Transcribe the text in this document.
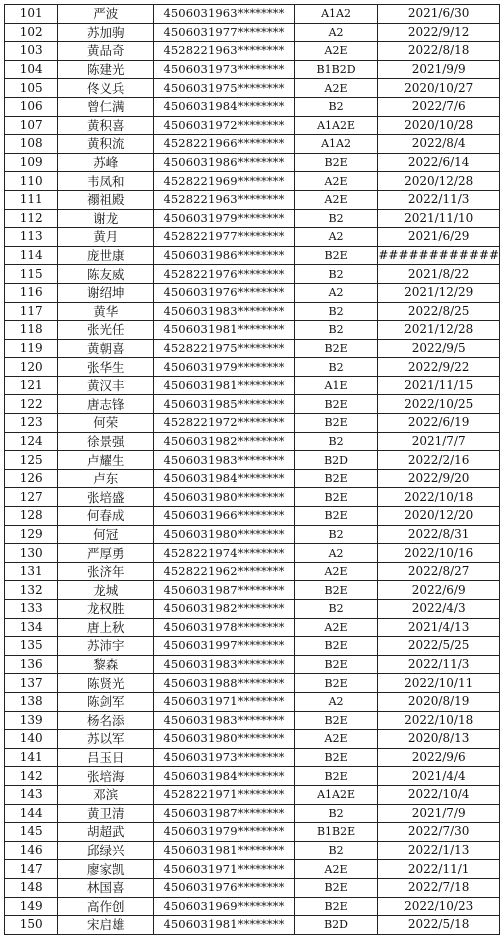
101	严波	4506031963********	A1A2	2021/6/30
102	苏加驹	4506031977********	A2	2022/9/12
103	黄品奇	4528221963********	A2E	2022/8/18
104	陈建光	4506031973********	B1B2D	2021/9/9
105	佟义兵	4506031975********	A2E	2020/10/27
106	曾仁满	4506031984********	B2	2022/7/6
107	黄积喜	4506031972********	A1A2E	2020/10/28
108	黄积流	4528221966********	A1A2	2022/8/4
109	苏峰	4506031986********	B2E	2022/6/14
110	韦凤和	4528221969********	A2E	2020/12/28
111	禤祖殿	4528221963********	A2E	2022/11/3
112	谢龙	4506031979********	B2	2021/11/10
113	黄月	4528221977********	A2	2021/6/29
114	庞世康	4506031986********	B2E	############
115	陈友威	4528221976********	B2	2021/8/22
116	谢绍坤	4506031976********	A2	2021/12/29
117	黄华	4506031983********	B2	2022/8/25
118	张光任	4506031981********	B2	2021/12/28
119	黄朝喜	4528221975********	B2E	2022/9/5
120	张华生	4506031979********	B2	2022/9/22
121	黄汉丰	4506031981********	A1E	2021/11/15
122	唐志锋	4506031985********	B2E	2022/10/25
123	何荣	4528221972********	B2E	2022/6/19
124	徐景强	4506031982********	B2	2021/7/7
125	卢耀生	4506031983********	B2D	2022/2/16
126	卢东	4506031984********	B2E	2022/9/20
127	张培盛	4506031980********	B2E	2022/10/18
128	何春成	4506031966********	B2E	2020/12/20
129	何冠	4506031980********	B2	2022/8/31
130	严厚勇	4528221974********	A2	2022/10/16
131	张济年	4528221962********	A2E	2022/8/27
132	龙城	4506031987********	B2E	2022/6/9
133	龙权胜	4506031982********	B2	2022/4/3
134	唐上秋	4506031978********	A2E	2021/4/13
135	苏沛宇	4506031997********	B2E	2022/5/25
136	黎森	4506031983********	B2E	2022/11/3
137	陈贤光	4506031988********	B2E	2022/10/11
138	陈剑军	4506031971********	A2	2020/8/19
139	杨名添	4506031983********	B2E	2022/10/18
140	苏以军	4506031980********	A2E	2020/8/13
141	吕玉日	4506031973********	B2E	2022/9/6
142	张培海	4506031984********	B2E	2021/4/4
143	邓滨	4528221971********	A1A2E	2022/10/4
144	黄卫清	4506031987********	B2	2021/7/9
145	胡超武	4506031979********	B1B2E	2022/7/30
146	邱绿兴	4506031981********	B2	2022/1/13
147	廖家凯	4506031971********	A2E	2022/11/1
148	林国喜	4506031976********	B2E	2022/7/18
149	高作创	4506031969********	B2E	2022/10/23
150	宋启雄	4506031981********	B2D	2022/5/18
